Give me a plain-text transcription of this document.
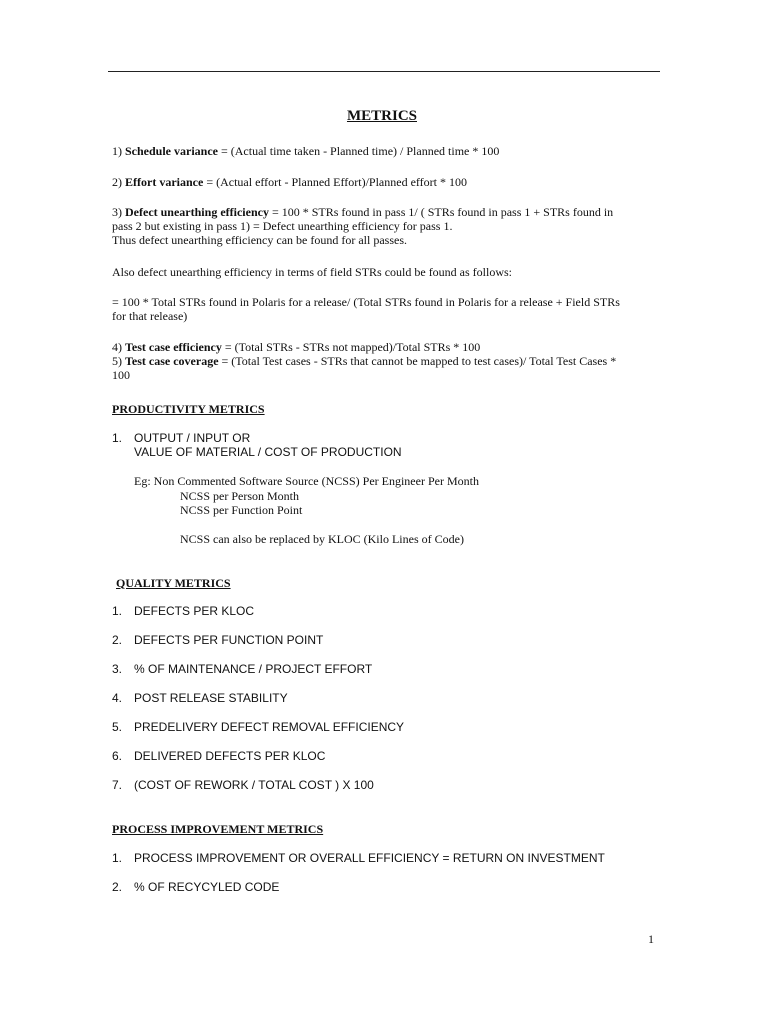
METRICS
1) Schedule variance = (Actual time taken - Planned time) / Planned time * 100
2) Effort variance = (Actual effort - Planned Effort)/Planned effort * 100
3) Defect unearthing efficiency = 100 * STRs found in pass 1/ ( STRs found in pass 1 + STRs found in
pass 2 but existing in pass 1) = Defect unearthing efficiency for pass 1.
Thus defect unearthing efficiency can be found for all passes.
Also defect unearthing efficiency in terms of field STRs could be found as follows:
= 100 * Total STRs found in Polaris for a release/ (Total STRs found in Polaris for a release + Field STRs
for that release)
4) Test case efficiency = (Total STRs - STRs not mapped)/Total STRs * 100
5) Test case coverage = (Total Test cases - STRs that cannot be mapped to test cases)/ Total Test Cases *
100
PRODUCTIVITY METRICS
1. OUTPUT / INPUT OR
VALUE OF MATERIAL / COST OF PRODUCTION
Eg: Non Commented Software Source (NCSS) Per Engineer Per Month
NCSS per Person Month
NCSS per Function Point
NCSS can also be replaced by KLOC (Kilo Lines of Code)
QUALITY METRICS
1. DEFECTS PER KLOC
2. DEFECTS PER FUNCTION POINT
3. % OF MAINTENANCE / PROJECT EFFORT
4. POST RELEASE STABILITY
5. PREDELIVERY DEFECT REMOVAL EFFICIENCY
6. DELIVERED DEFECTS PER KLOC
7. (COST OF REWORK / TOTAL COST ) X 100
PROCESS IMPROVEMENT METRICS
1. PROCESS IMPROVEMENT OR OVERALL EFFICIENCY = RETURN ON INVESTMENT
2. % OF RECYCYLED CODE
1
